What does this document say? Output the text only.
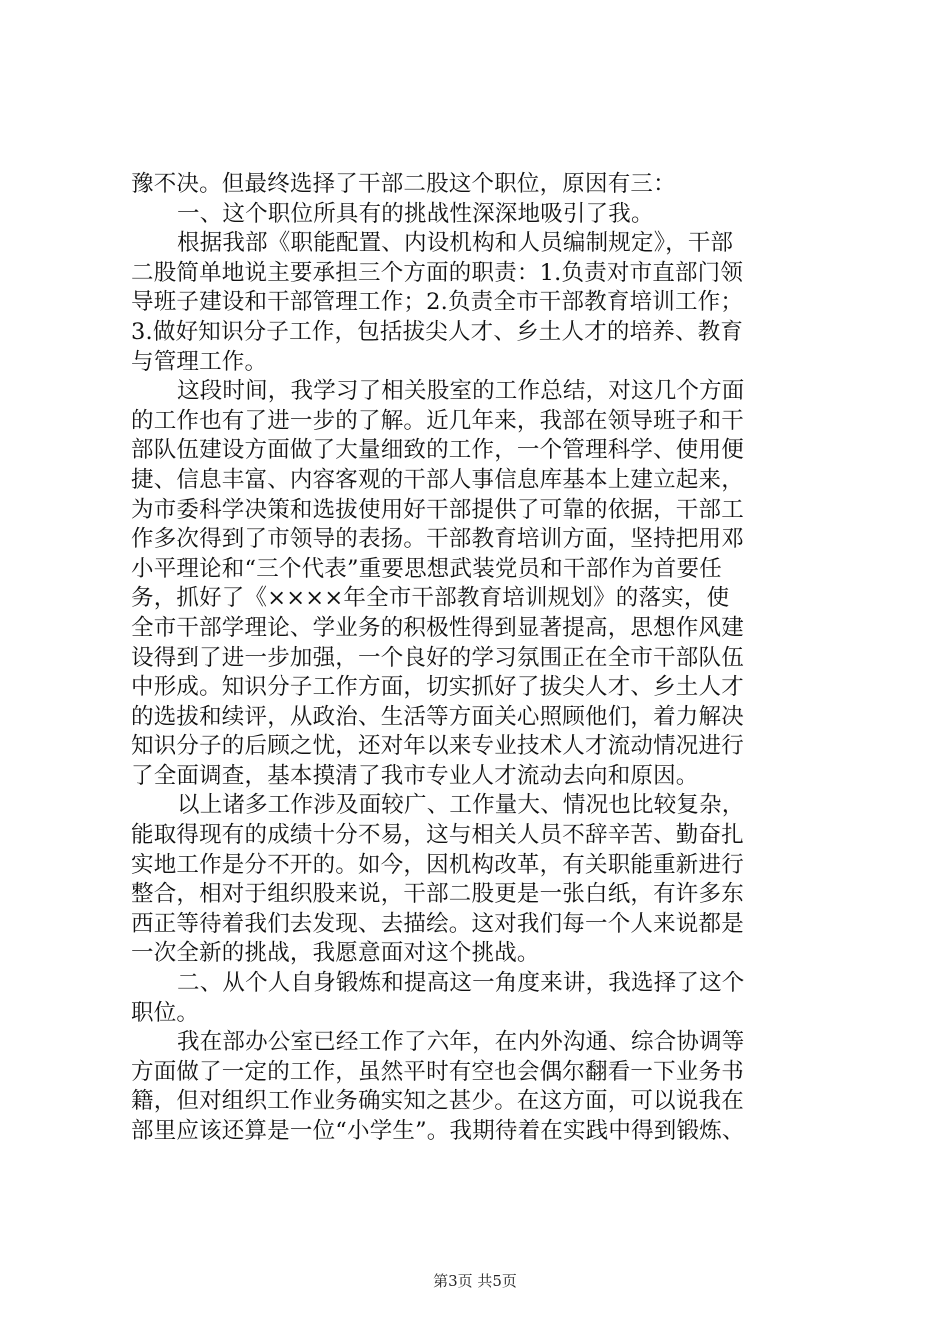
豫不决。但最终选择了干部二股这个职位，原因有三：
一、这个职位所具有的挑战性深深地吸引了我。
根据我部《职能配置、内设机构和人员编制规定》，干部
二股简单地说主要承担三个方面的职责：1.负责对市直部门领
导班子建设和干部管理工作；2.负责全市干部教育培训工作；
3.做好知识分子工作，包括拔尖人才、乡土人才的培养、教育
与管理工作。
这段时间，我学习了相关股室的工作总结，对这几个方面
的工作也有了进一步的了解。近几年来，我部在领导班子和干
部队伍建设方面做了大量细致的工作，一个管理科学、使用便
捷、信息丰富、内容客观的干部人事信息库基本上建立起来，
为市委科学决策和选拔使用好干部提供了可靠的依据，干部工
作多次得到了市领导的表扬。干部教育培训方面，坚持把用邓
小平理论和“三个代表”重要思想武装党员和干部作为首要任
务，抓好了《××××年全市干部教育培训规划》的落实，使
全市干部学理论、学业务的积极性得到显著提高，思想作风建
设得到了进一步加强，一个良好的学习氛围正在全市干部队伍
中形成。知识分子工作方面，切实抓好了拔尖人才、乡土人才
的选拔和续评，从政治、生活等方面关心照顾他们，着力解决
知识分子的后顾之忧，还对年以来专业技术人才流动情况进行
了全面调查，基本摸清了我市专业人才流动去向和原因。
以上诸多工作涉及面较广、工作量大、情况也比较复杂，
能取得现有的成绩十分不易，这与相关人员不辞辛苦、勤奋扎
实地工作是分不开的。如今，因机构改革，有关职能重新进行
整合，相对于组织股来说，干部二股更是一张白纸，有许多东
西正等待着我们去发现、去描绘。这对我们每一个人来说都是
一次全新的挑战，我愿意面对这个挑战。
二、从个人自身锻炼和提高这一角度来讲，我选择了这个
职位。
我在部办公室已经工作了六年，在内外沟通、综合协调等
方面做了一定的工作，虽然平时有空也会偶尔翻看一下业务书
籍，但对组织工作业务确实知之甚少。在这方面，可以说我在
部里应该还算是一位“小学生”。我期待着在实践中得到锻炼、
第3页 共5页
